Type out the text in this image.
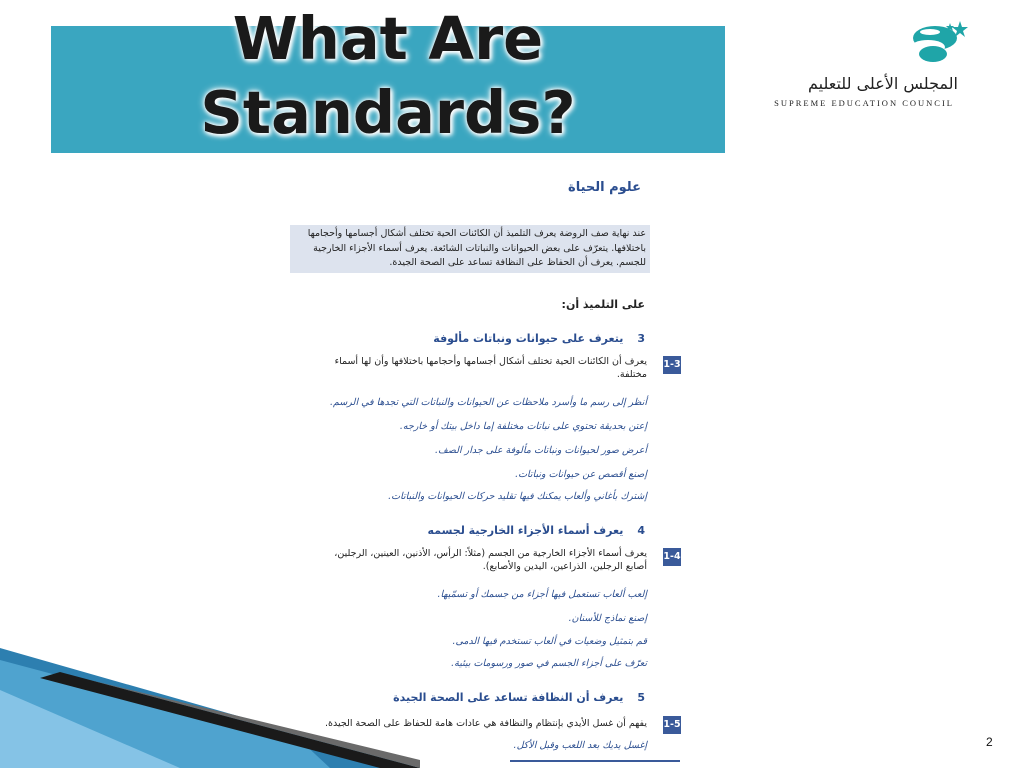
What Are Standards?	المجلس الأعلى للتعليم
SUPREME EDUCATION COUNCIL
علوم الحياة
عند نهاية صف الروضة يعرف التلميذ أن الكائنات الحية تختلف أشكال أجسامها وأحجامها باختلافها. يتعرّف على بعض الحيوانات والنباتات الشائعة. يعرف أسماء الأجزاء الخارجية للجسم. يعرف أن الحفاظ على النظافة تساعد على الصحة الجيدة.
على التلميذ أن:
3يتعرف على حيوانات ونباتات مألوفة
1-3
يعرف أن الكائنات الحية تختلف أشكال أجسامها وأحجامها باختلافها وأن لها أسماء مختلفة.
أنظر إلى رسم ما وأسرد ملاحظات عن الحيوانات والنباتات التي تجدها في الرسم.
إعتن بحديقة تحتوي على نباتات مختلفة إما داخل بيتك أو خارجه.
أعرض صور لحيوانات ونباتات مألوفة على جدار الصف.
إصنع أقصص عن حيوانات ونباتات.
إشترك بأغاني وألعاب يمكنك فيها تقليد حركات الحيوانات والنباتات.
4يعرف أسماء الأجزاء الخارجية لجسمه
1-4
يعرف أسماء الأجزاء الخارجية من الجسم (مثلاً: الرأس، الأذنين، العينين، الرجلين، أصابع الرجلين، الذراعين، اليدين والأصابع).
إلعب ألعاب تستعمل فيها أجزاء من جسمك أو تسمّيها.
إصنع نماذج للأسنان.
قم بتمثيل وضعيات في ألعاب تستخدم فيها الدمى.
تعرّف على أجزاء الجسم في صور ورسومات بيئية.
5يعرف أن النظافة تساعد على الصحة الجيدة
1-5
يفهم أن غسل الأيدي بإنتظام والنظافة هي عادات هامة للحفاظ على الصحة الجيدة.
إغسل يديك بعد اللعب وقبل الأكل.	2
